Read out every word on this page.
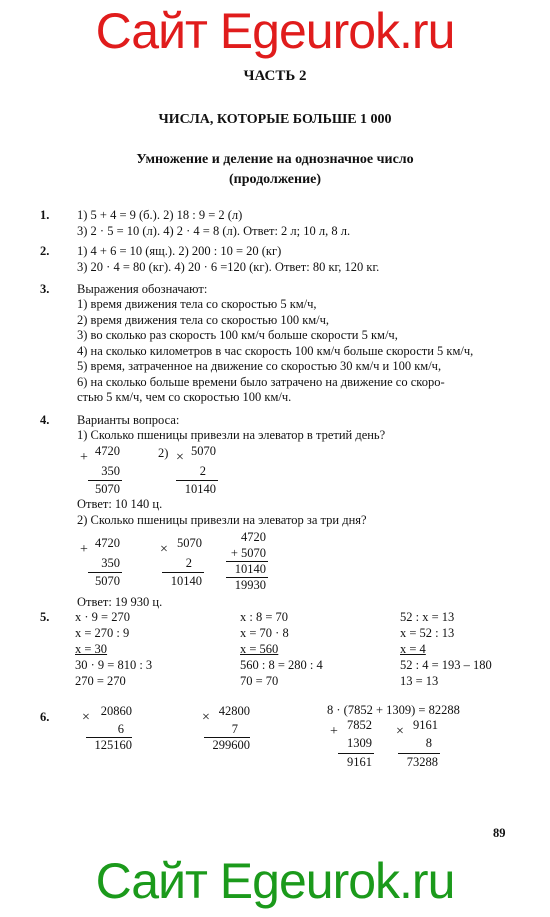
Сайт Egeurok.ru
Сайт Egeurok.ru
ЧАСТЬ 2
ЧИСЛА, КОТОРЫЕ БОЛЬШЕ 1 000
Умножение и деление на однозначное число
(продолжение)
1. 1) 5 + 4 = 9 (б.). 2) 18 : 9 = 2 (л)
3) 2 · 5 = 10 (л). 4) 2 · 4 = 8 (л). Ответ: 2 л; 10 л, 8 л.
2. 1) 4 + 6 = 10 (ящ.). 2) 200 : 10 = 20 (кг)
3) 20 · 4 = 80 (кг). 4) 20 · 6 =120 (кг). Ответ: 80 кг, 120 кг.
3. Выражения обозначают:
1) время движения тела со скоростью 5 км/ч,
2) время движения тела со скоростью 100 км/ч,
3) во сколько раз скорость 100 км/ч больше скорости 5 км/ч,
4) на сколько километров в час скорость 100 км/ч больше скорости 5 км/ч,
5) время, затраченное на движение со скоростью 30 км/ч и 100 км/ч,
6) на сколько больше времени было затрачено на движение со скоро-
стью 5 км/ч, чем со скоростью 100 км/ч.
4. Варианты вопроса:
1) Сколько пшеницы привезли на элеватор в третий день?
+ 4720
350
5070
2) × 5070
2
10140
Ответ: 10 140 ц.
2) Сколько пшеницы привезли на элеватор за три дня?
+ 4720
350
5070
× 5070
2
10140
4720
+ 5070
10140
19930
Ответ: 19 930 ц.
5. x · 9 = 270
x = 270 : 9
x = 30
30 · 9 = 810 : 3
270 = 270
x : 8 = 70
x = 70 · 8
x = 560
560 : 8 = 280 : 4
70 = 70
52 : x = 13
x = 52 : 13
x = 4
52 : 4 = 193 – 180
13 = 13
6. × 20860
6
125160
× 42800
7
299600
8 · (7852 + 1309) = 82288
+ 7852
1309
9161
× 9161
8
73288
89
